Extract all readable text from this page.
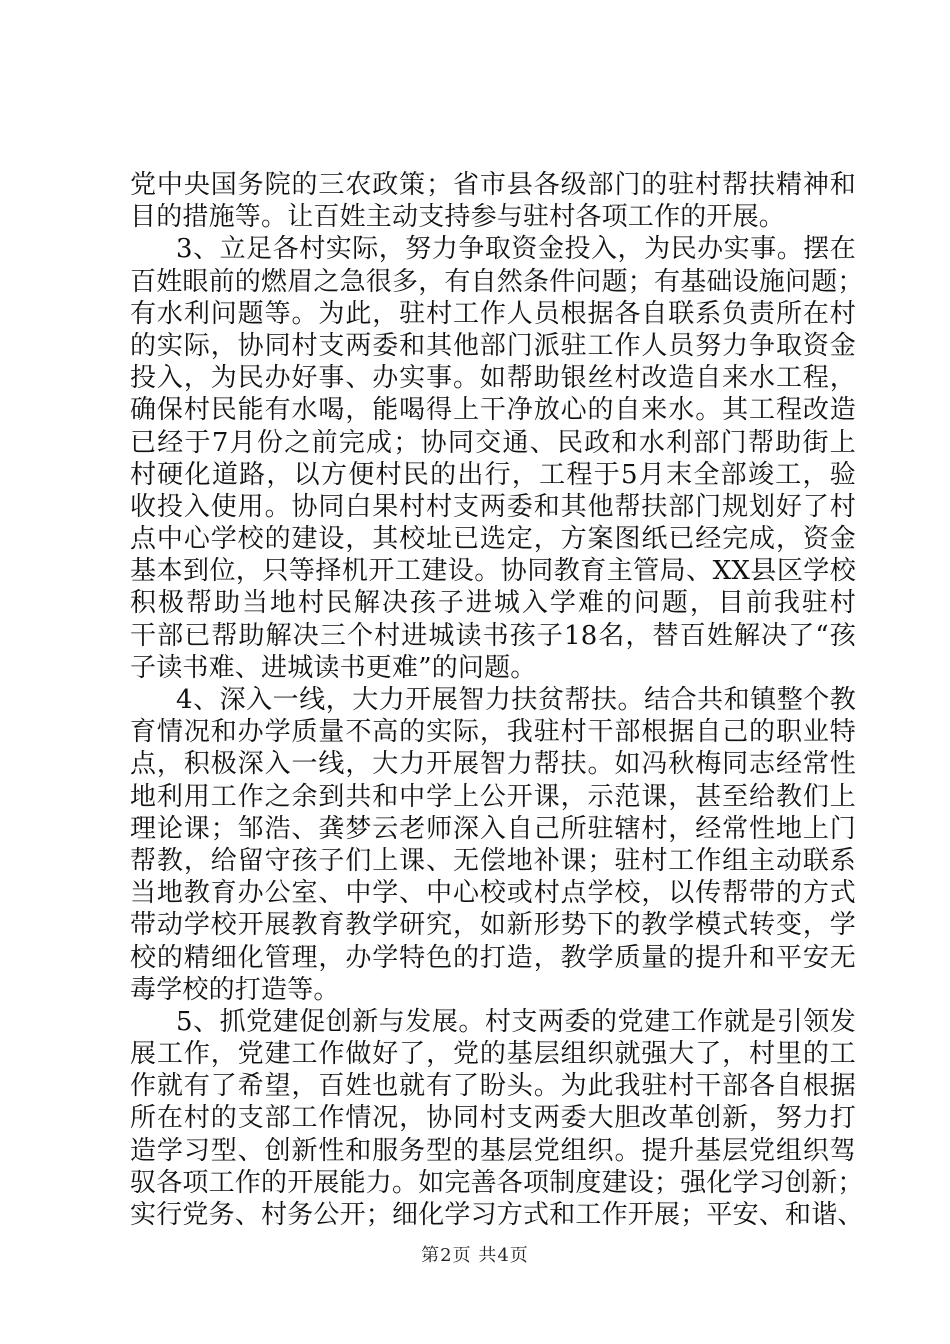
党中央国务院的三农政策；省市县各级部门的驻村帮扶精神和
目的措施等。让百姓主动支持参与驻村各项工作的开展。
3、立足各村实际，努力争取资金投入，为民办实事。摆在
百姓眼前的燃眉之急很多，有自然条件问题；有基础设施问题；
有水利问题等。为此，驻村工作人员根据各自联系负责所在村
的实际，协同村支两委和其他部门派驻工作人员努力争取资金
投入，为民办好事、办实事。如帮助银丝村改造自来水工程，
确保村民能有水喝，能喝得上干净放心的自来水。其工程改造
已经于7月份之前完成；协同交通、民政和水利部门帮助街上
村硬化道路，以方便村民的出行，工程于5月末全部竣工，验
收投入使用。协同白果村村支两委和其他帮扶部门规划好了村
点中心学校的建设，其校址已选定，方案图纸已经完成，资金
基本到位，只等择机开工建设。协同教育主管局、XX县区学校
积极帮助当地村民解决孩子进城入学难的问题，目前我驻村
干部已帮助解决三个村进城读书孩子18名，替百姓解决了“孩
子读书难、进城读书更难”的问题。
4、深入一线，大力开展智力扶贫帮扶。结合共和镇整个教
育情况和办学质量不高的实际，我驻村干部根据自己的职业特
点，积极深入一线，大力开展智力帮扶。如冯秋梅同志经常性
地利用工作之余到共和中学上公开课，示范课，甚至给教们上
理论课；邹浩、龚梦云老师深入自己所驻辖村，经常性地上门
帮教，给留守孩子们上课、无偿地补课；驻村工作组主动联系
当地教育办公室、中学、中心校或村点学校，以传帮带的方式
带动学校开展教育教学研究，如新形势下的教学模式转变，学
校的精细化管理，办学特色的打造，教学质量的提升和平安无
毒学校的打造等。
5、抓党建促创新与发展。村支两委的党建工作就是引领发
展工作，党建工作做好了，党的基层组织就强大了，村里的工
作就有了希望，百姓也就有了盼头。为此我驻村干部各自根据
所在村的支部工作情况，协同村支两委大胆改革创新，努力打
造学习型、创新性和服务型的基层党组织。提升基层党组织驾
驭各项工作的开展能力。如完善各项制度建设；强化学习创新；
实行党务、村务公开；细化学习方式和工作开展；平安、和谐、
第2页 共4页
